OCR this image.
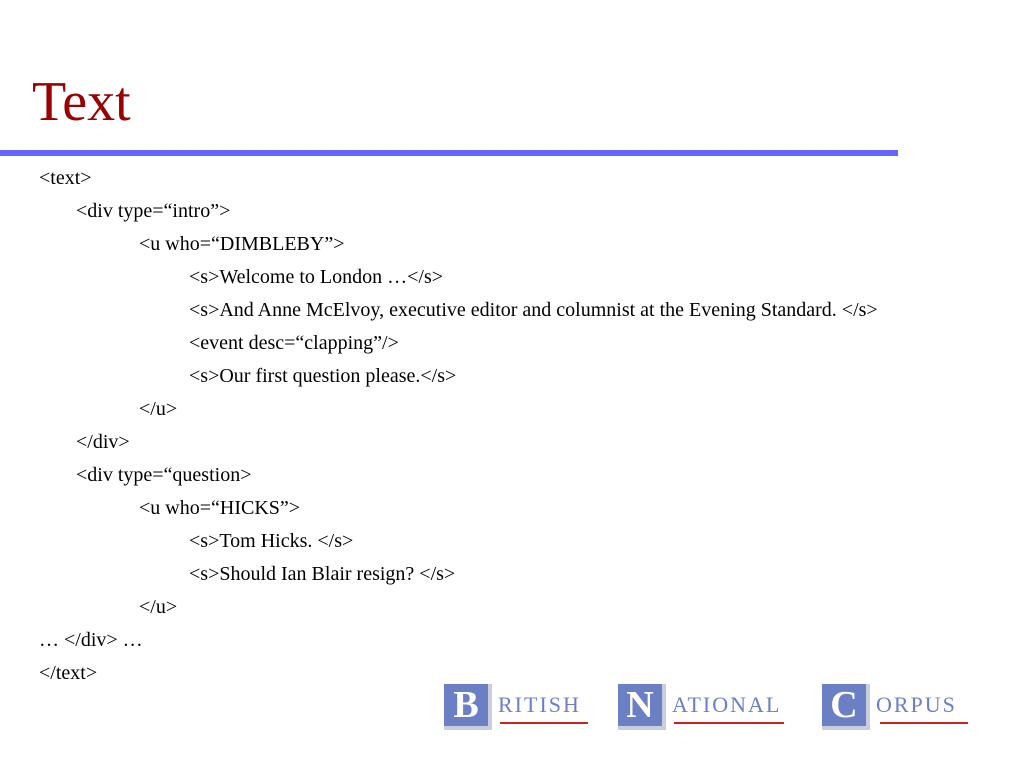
Text
<text>
<div type=“intro”>
<u who=“DIMBLEBY”>
<s>Welcome to London …</s>
<s>And Anne McElvoy, executive editor and columnist at the Evening Standard. </s>
<event desc=“clapping”/>
<s>Our first question please.</s>
</u>
</div>
<div type=“question>
<u who=“HICKS”>
<s>Tom Hicks. </s>
<s>Should Ian Blair resign? </s>
</u>
… </div> …
</text>
B RITISH N ATIONAL C ORPUS
